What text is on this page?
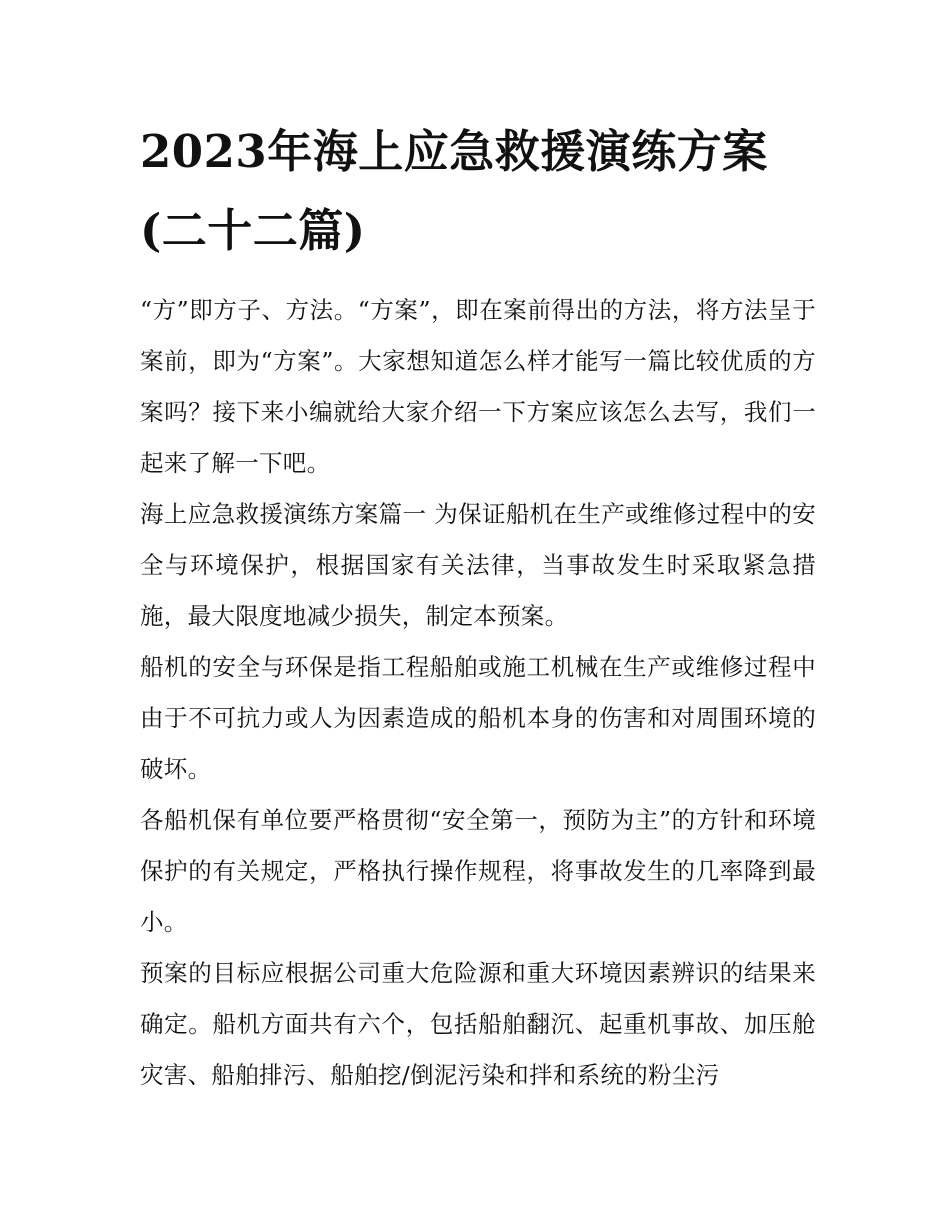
2023年海上应急救援演练方案(二十二篇)

“方”即方子、方法。“方案”，即在案前得出的方法，将方法呈于案前，即为“方案”。大家想知道怎么样才能写一篇比较优质的方案吗？接下来小编就给大家介绍一下方案应该怎么去写，我们一起来了解一下吧。

海上应急救援演练方案篇一 为保证船机在生产或维修过程中的安全与环境保护，根据国家有关法律，当事故发生时采取紧急措施，最大限度地减少损失，制定本预案。

船机的安全与环保是指工程船舶或施工机械在生产或维修过程中由于不可抗力或人为因素造成的船机本身的伤害和对周围环境的破坏。

各船机保有单位要严格贯彻“安全第一，预防为主”的方针和环境保护的有关规定，严格执行操作规程，将事故发生的几率降到最小。

预案的目标应根据公司重大危险源和重大环境因素辨识的结果来确定。船机方面共有六个，包括船舶翻沉、起重机事故、加压舱灾害、船舶排污、船舶挖/倒泥污染和拌和系统的粉尘污
